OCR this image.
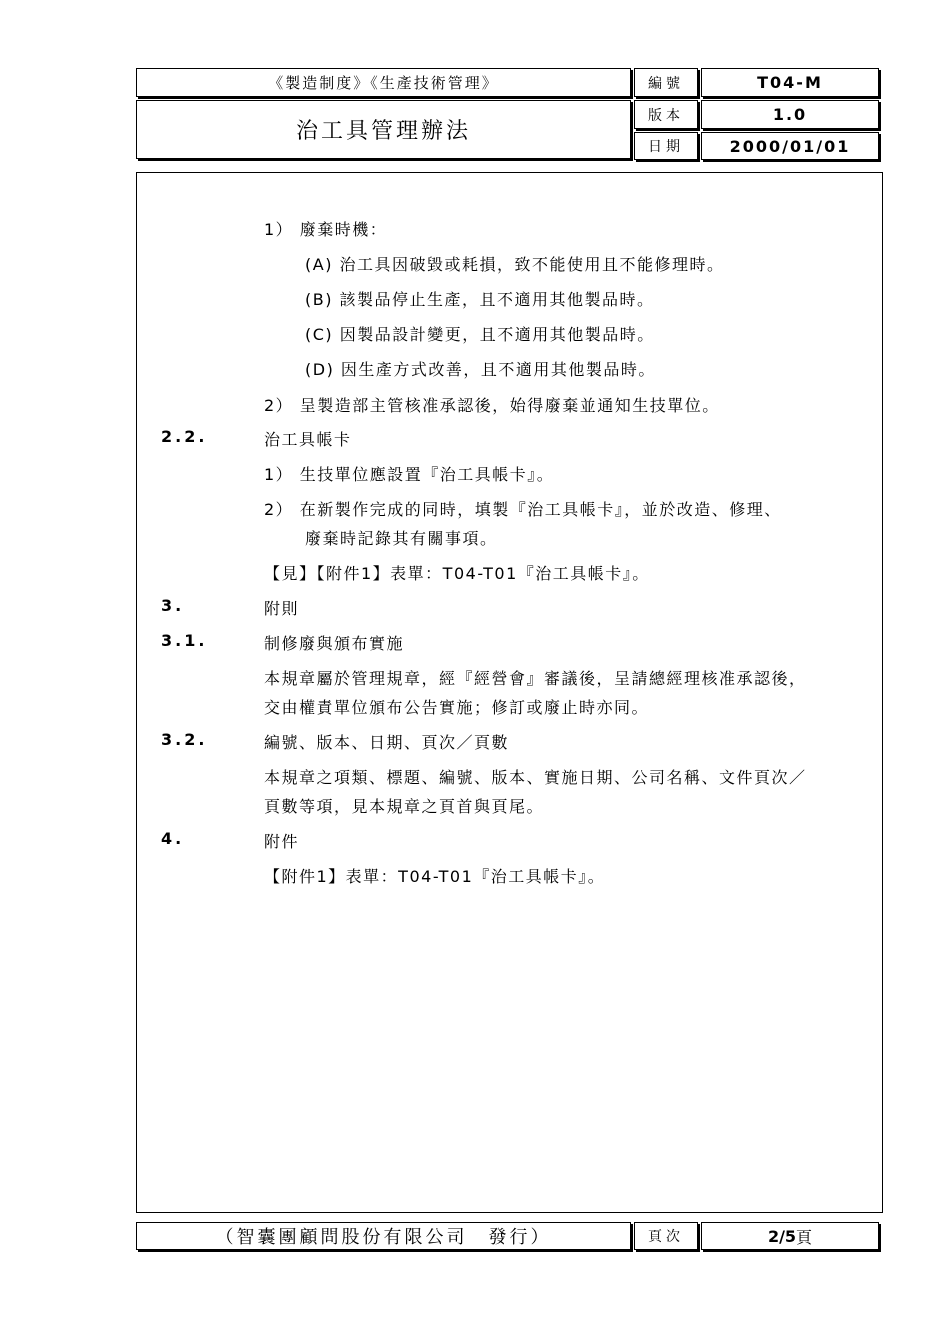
《製造制度》《生產技術管理》
治工具管理辦法
編號	T04-M
版本	1.0
日期	2000/01/01
1） 廢棄時機：
(A) 治工具因破毀或耗損，致不能使用且不能修理時。
(B) 該製品停止生產，且不適用其他製品時。
(C) 因製品設計變更，且不適用其他製品時。
(D) 因生產方式改善，且不適用其他製品時。
2） 呈製造部主管核准承認後，始得廢棄並通知生技單位。
2.2.	治工具帳卡
1） 生技單位應設置『治工具帳卡』。
2） 在新製作完成的同時，填製『治工具帳卡』，並於改造、修理、
廢棄時記錄其有關事項。
【見】【附件1】表單：T04-T01『治工具帳卡』。
3.	附則
3.1.	制修廢與頒布實施
本規章屬於管理規章，經『經營會』審議後，呈請總經理核准承認後，
交由權責單位頒布公告實施；修訂或廢止時亦同。
3.2.	編號、版本、日期、頁次／頁數
本規章之項類、標題、編號、版本、實施日期、公司名稱、文件頁次／
頁數等項，見本規章之頁首與頁尾。
4.	附件
【附件1】表單：T04-T01『治工具帳卡』。
（智囊團顧問股份有限公司　發行）	頁次	2/5 頁
